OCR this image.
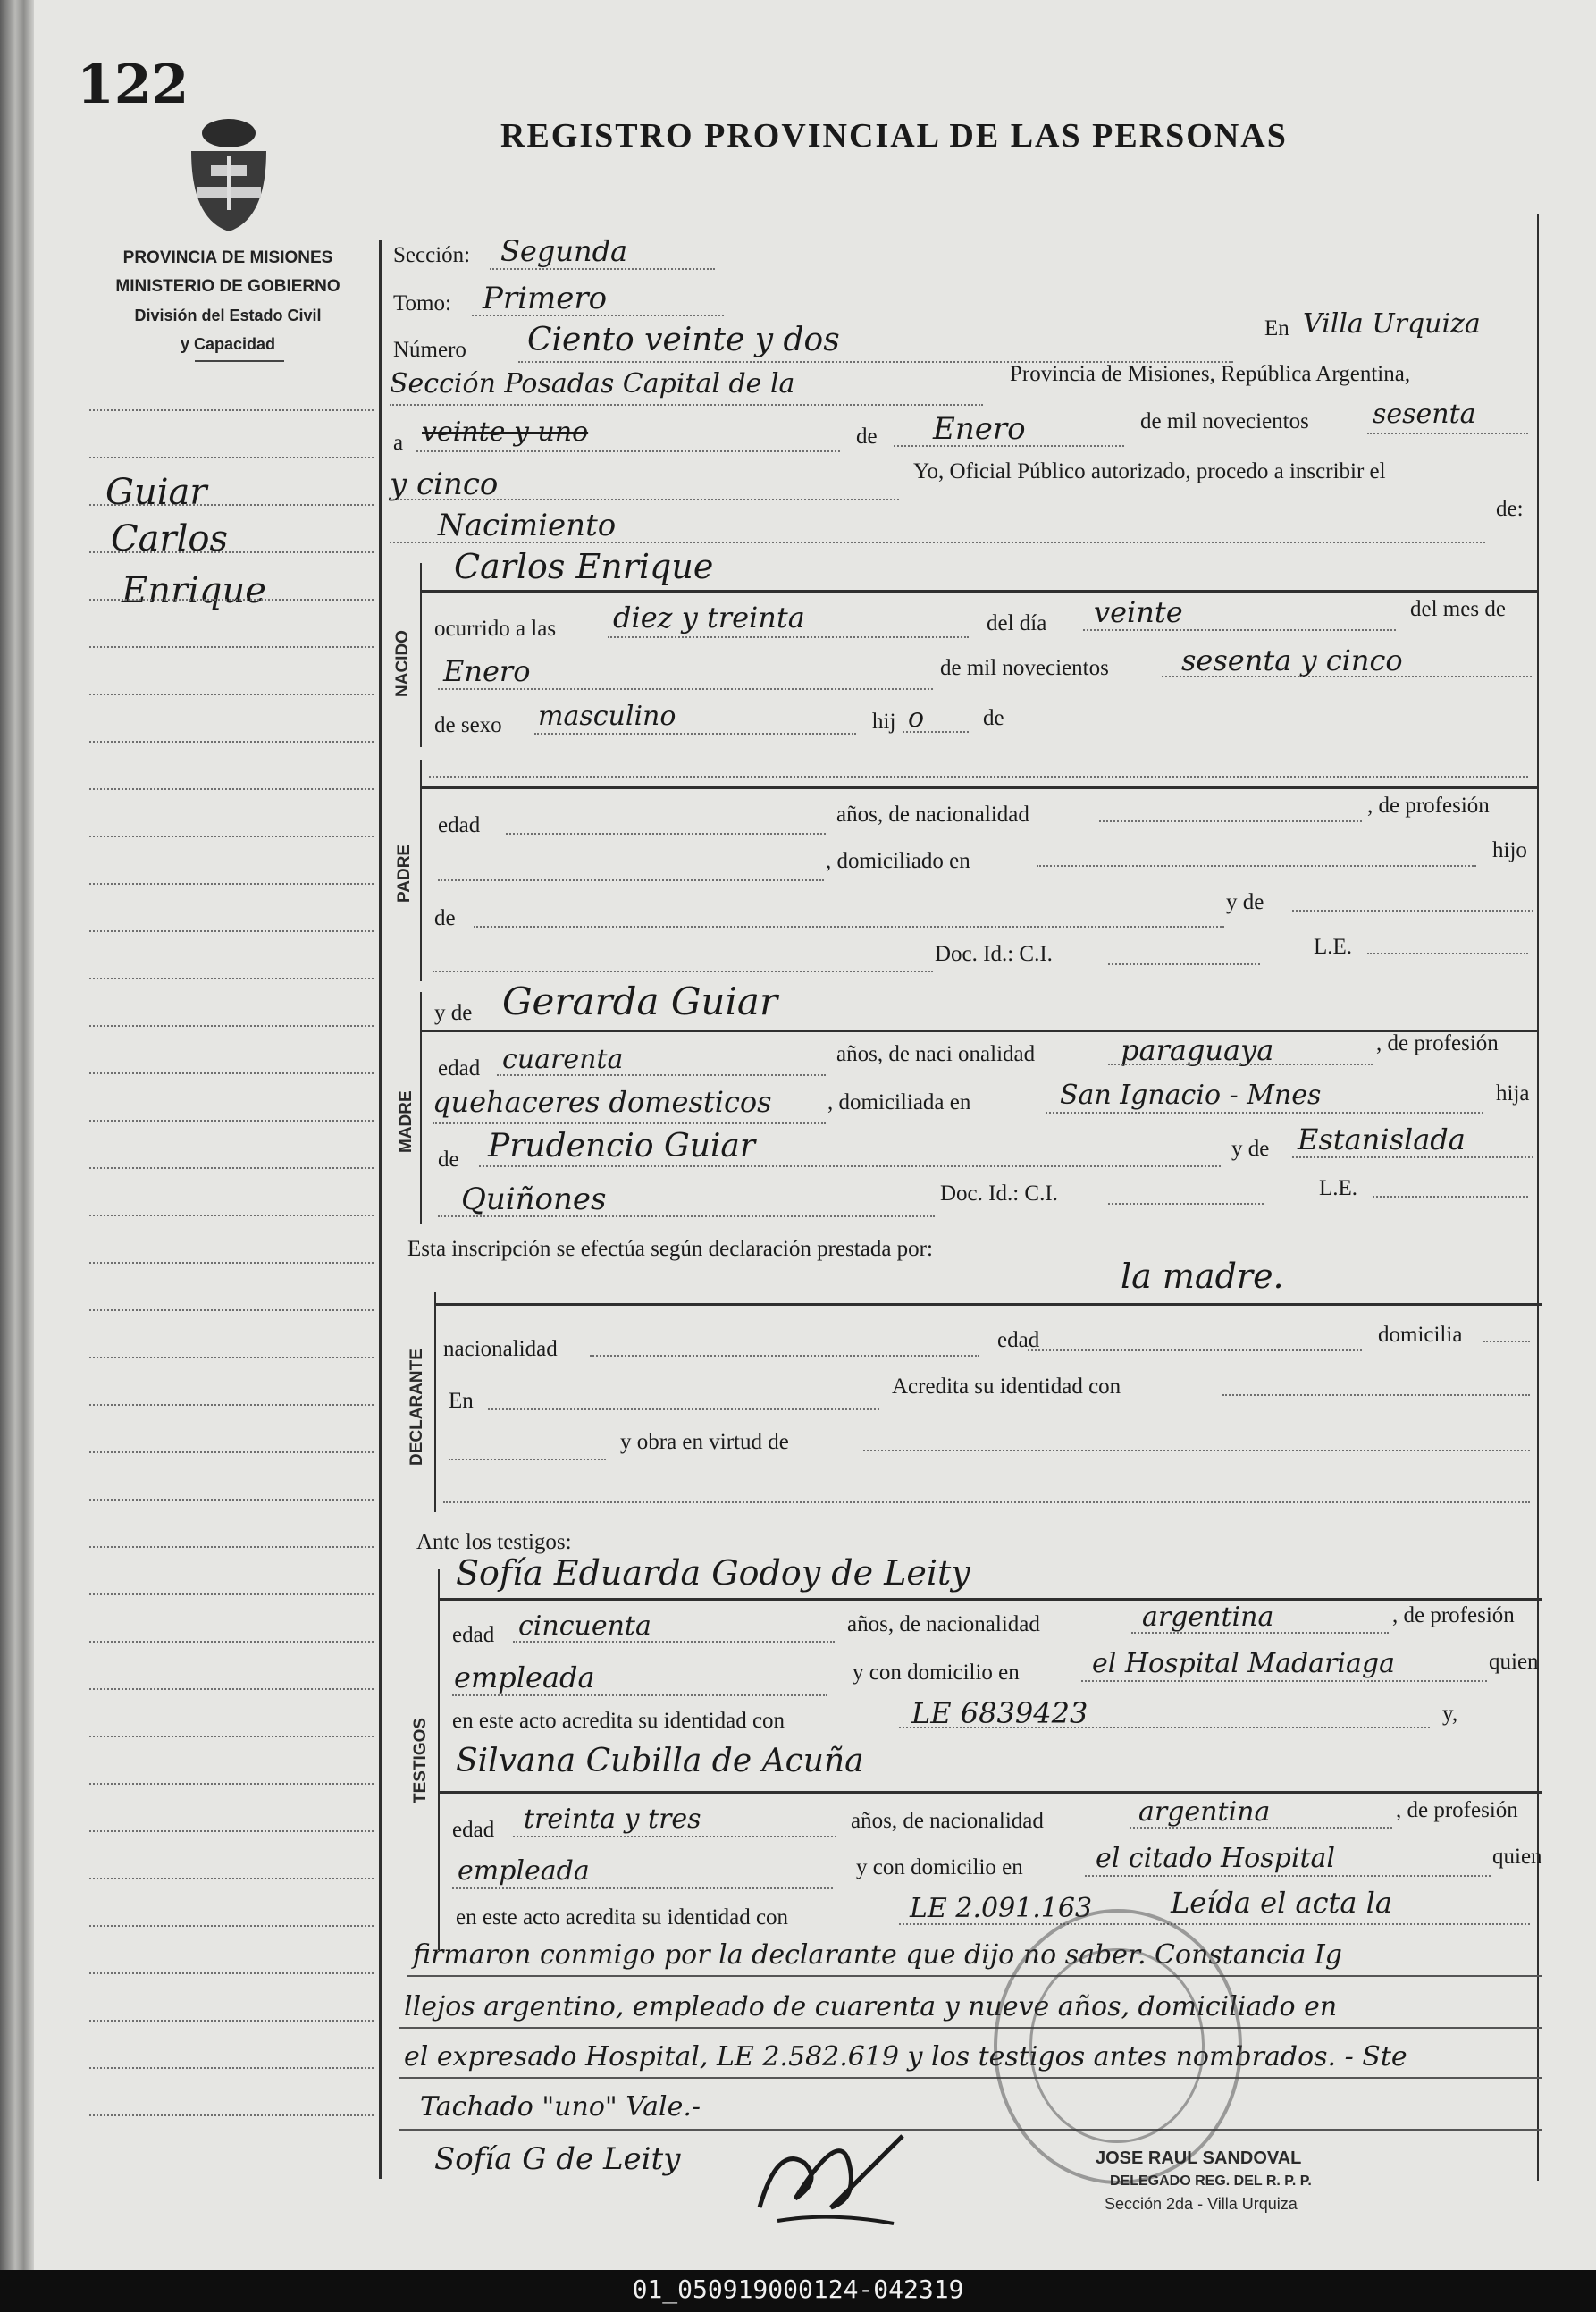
122
REGISTRO PROVINCIAL DE LAS PERSONAS
PROVINCIA DE MISIONES
MINISTERIO DE GOBIERNO
División del Estado Civil
y Capacidad
Guiar
Carlos
Enrique
Sección: Segunda
Tomo: Primero
Número Ciento veinte y dos	En Villa Urquiza
Sección Posadas Capital de la	Provincia de Misiones, República Argentina,
a veinte y uno	de Enero	de mil novecientos sesenta
y cinco	Yo, Oficial Público autorizado, procedo a inscribir el
Nacimiento	de:
NACIDO
Carlos Enrique
ocurrido a las diez y treinta	del día veinte	del mes de
Enero	de mil novecientos	sesenta y cinco
de sexo masculino	hij o	de
PADRE
edad	años, de nacionalidad	, de profesión
, domiciliado en	hijo
de
y de
Doc. Id.: C.I.	L.E.
MADRE
y de Gerarda Guiar
edad cuarenta	años, de naci onalidad	paraguaya	, de profesión
quehaceres domesticos , domiciliada en	San Ignacio - Mnes	hija
de Prudencio Guiar	y de Estanislada
Quiñones	Doc. Id.: C.I.	L.E.
Esta inscripción se efectúa según declaración prestada por:
la madre.
DECLARANTE nacionalidad	edad	domicilia
En
Acredita su identidad con
y obra en virtud de
Ante los testigos:
TESTIGOS
Sofía Eduarda Godoy de Leity
edad cincuenta	años, de nacionalidad	argentina	, de profesión
empleada	y con domicilio en	el Hospital Madariaga	quien
en este acto acredita su identidad con	LE 6839423	y,
Silvana Cubilla de Acuña
edad treinta y tres	años, de nacionalidad	argentina	, de profesión
empleada	y con domicilio en	el citado Hospital	quien
en este acto acredita su identidad con	LE 2.091.163	Leída el acta la
firmaron conmigo por la declarante que dijo no saber. Constancia Ig
llejos argentino, empleado de cuarenta y nueve años, domiciliado en
el expresado Hospital, LE 2.582.619 y los testigos antes nombrados. - Ste
Tachado "uno" Vale.-
Sofía G de Leity	JOSE RAUL SANDOVAL
DELEGADO REG. DEL R. P. P.
Sección 2da - Villa Urquiza
01_050919000124-042319
